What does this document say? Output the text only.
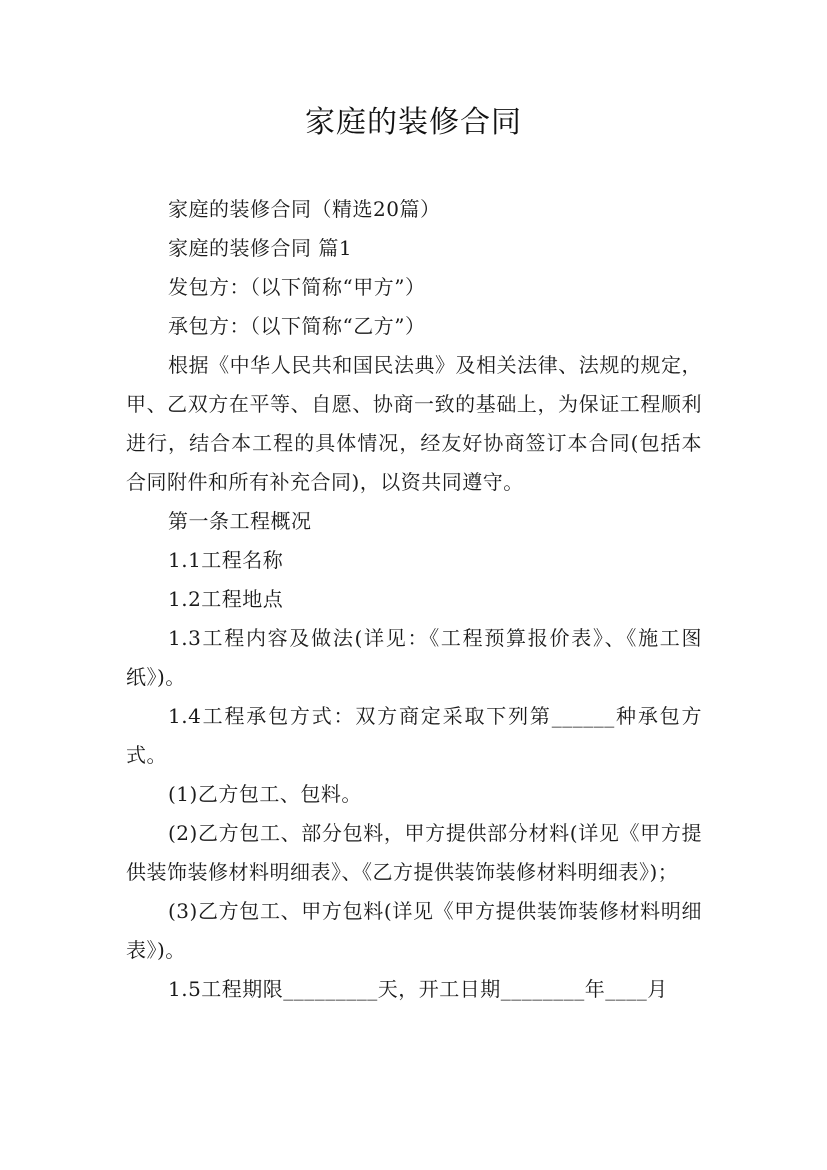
家庭的装修合同

家庭的装修合同（精选20篇）

家庭的装修合同 篇1

发包方：（以下简称“甲方”）

承包方：（以下简称“乙方”）

根据《中华人民共和国民法典》及相关法律、法规的规定，甲、乙双方在平等、自愿、协商一致的基础上，为保证工程顺利进行，结合本工程的具体情况，经友好协商签订本合同(包括本合同附件和所有补充合同)，以资共同遵守。

第一条工程概况

1.1工程名称

1.2工程地点

1.3工程内容及做法(详见：《工程预算报价表》、《施工图纸》)。

1.4工程承包方式：双方商定采取下列第______种承包方式。

(1)乙方包工、包料。

(2)乙方包工、部分包料，甲方提供部分材料(详见《甲方提供装饰装修材料明细表》、《乙方提供装饰装修材料明细表》)；

(3)乙方包工、甲方包料(详见《甲方提供装饰装修材料明细表》)。

1.5工程期限_________天，开工日期________年____月
